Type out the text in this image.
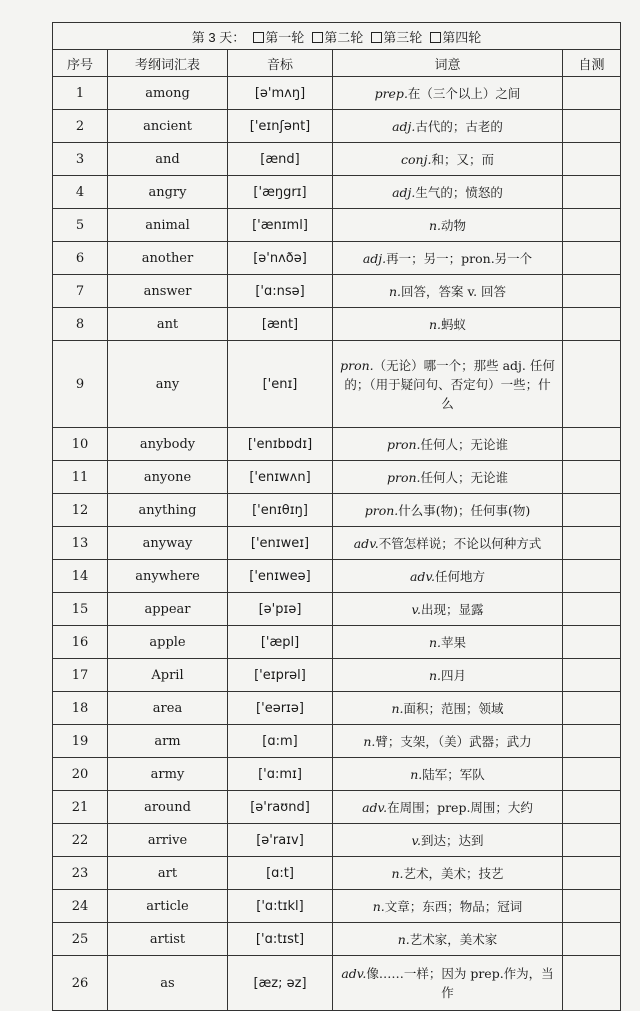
第 3 天： 第一轮 第二轮 第三轮 第四轮				
序号	考纲词汇表	音标	词意	自测
1	among	[ə'mʌŋ]	prep.在（三个以上）之间	
2	ancient	['eɪnʃənt]	adj.古代的；古老的	
3	and	[ænd]	conj.和；又；而	
4	angry	['æŋgrɪ]	adj.生气的；愤怒的	
5	animal	['ænɪml]	n.动物	
6	another	[ə'nʌðə]	adj.再一；另一；pron.另一个	
7	answer	['ɑ:nsə]	n.回答，答案 v. 回答	
8	ant	[ænt]	n.蚂蚁	
9	any	['enɪ]	pron.（无论）哪一个；那些 adj. 任何的；（用于疑问句、否定句）一些；什么	
10	anybody	['enɪbɒdɪ]	pron.任何人；无论谁	
11	anyone	['enɪwʌn]	pron.任何人；无论谁	
12	anything	['enɪθɪŋ]	pron.什么事(物)；任何事(物)	
13	anyway	['enɪweɪ]	adv.不管怎样说；不论以何种方式	
14	anywhere	['enɪweə]	adv.任何地方	
15	appear	[ə'pɪə]	v.出现；显露	
16	apple	['æpl]	n.苹果	
17	April	['eɪprəl]	n.四月	
18	area	['eərɪə]	n.面积；范围；领域	
19	arm	[ɑ:m]	n.臂；支架，（美）武器；武力	
20	army	['ɑ:mɪ]	n.陆军；军队	
21	around	[ə'raʊnd]	adv.在周围；prep.周围；大约	
22	arrive	[ə'raɪv]	v.到达；达到	
23	art	[ɑ:t]	n.艺术，美术；技艺	
24	article	['ɑ:tɪkl]	n.文章；东西；物品；冠词	
25	artist	['ɑ:tɪst]	n.艺术家，美术家	
26	as	[æz; əz]	adv.像……一样；因为 prep.作为，当作	
